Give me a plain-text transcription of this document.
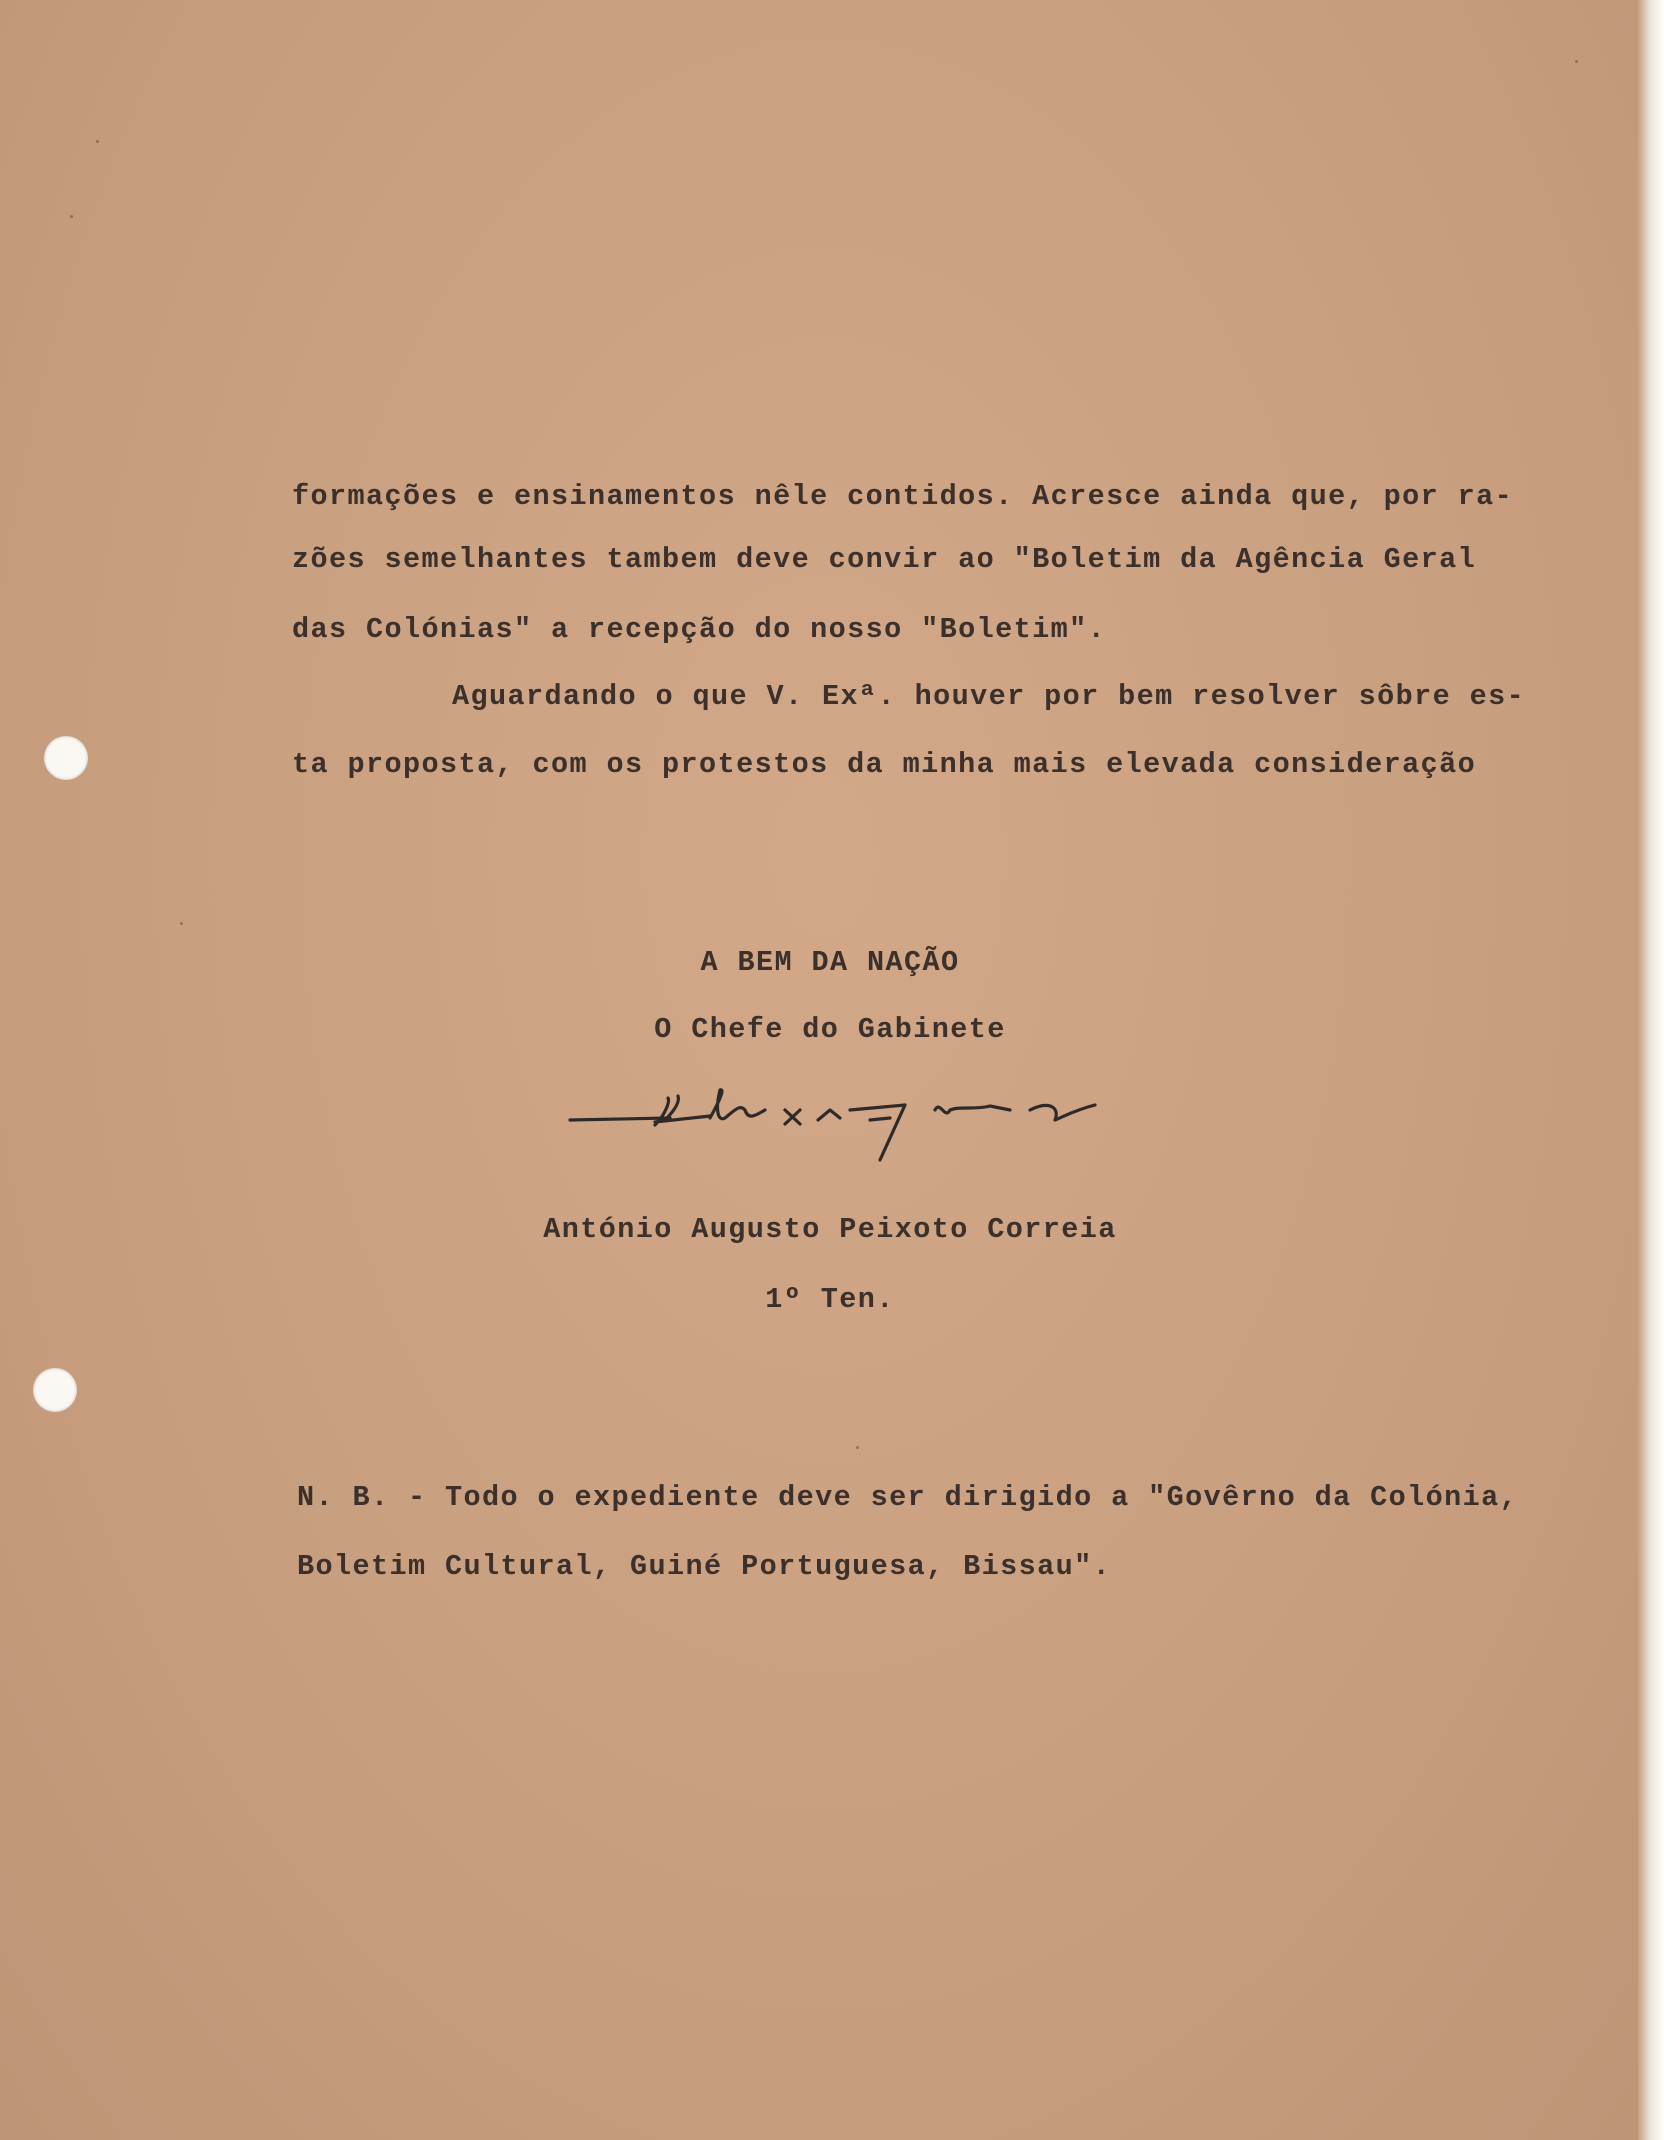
formações e ensinamentos nêle contidos. Acresce ainda que, por ra-
zões semelhantes tambem deve convir ao "Boletim da Agência Geral
das Colónias" a recepção do nosso "Boletim".
Aguardando o que V. Exª. houver por bem resolver sôbre es-
ta proposta, com os protestos da minha mais elevada consideração
A BEM DA NAÇÃO
O Chefe do Gabinete
António Augusto Peixoto Correia
1º Ten.
N. B. - Todo o expediente deve ser dirigido a "Govêrno da Colónia,
Boletim Cultural, Guiné Portuguesa, Bissau".
